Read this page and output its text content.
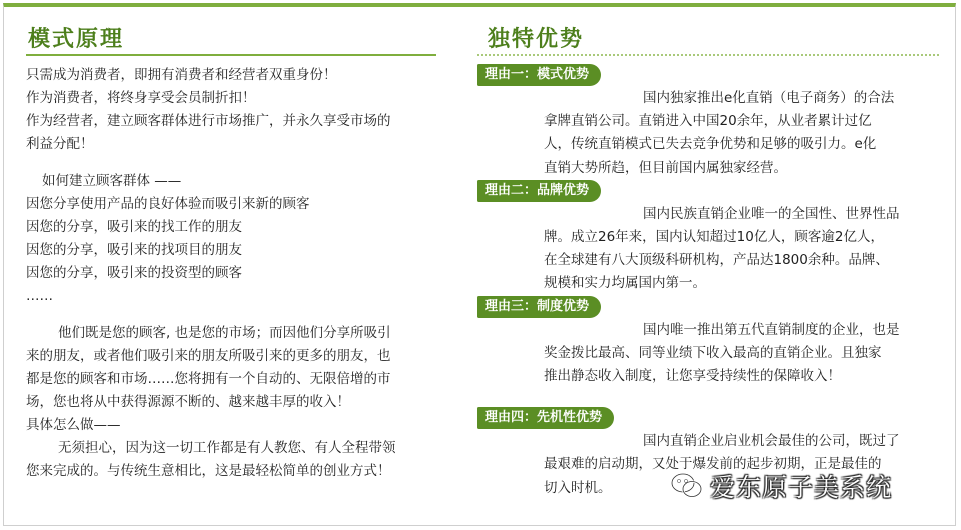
模式原理
只需成为消费者，即拥有消费者和经营者双重身份！
作为消费者，将终身享受会员制折扣！
作为经营者，建立顾客群体进行市场推广，并永久享受市场的
利益分配！
如何建立顾客群体 ——
因您分享使用产品的良好体验而吸引来新的顾客
因您的分享，吸引来的找工作的朋友
因您的分享，吸引来的找项目的朋友
因您的分享，吸引来的投资型的顾客
……
他们既是您的顾客, 也是您的市场；而因他们分享所吸引
来的朋友，或者他们吸引来的朋友所吸引来的更多的朋友，也
都是您的顾客和市场……您将拥有一个自动的、无限倍增的市
场，您也将从中获得源源不断的、越来越丰厚的收入！
具体怎么做——
无须担心，因为这一切工作都是有人教您、有人全程带领
您来完成的。与传统生意相比，这是最轻松简单的创业方式！
独特优势
理由一：模式优势
国内独家推出e化直销（电子商务）的合法
拿牌直销公司。直销进入中国20余年，从业者累计过亿
人，传统直销模式已失去竞争优势和足够的吸引力。e化
直销大势所趋，但目前国内属独家经营。
理由二：品牌优势
国内民族直销企业唯一的全国性、世界性品
牌。成立26年来，国内认知超过10亿人，顾客逾2亿人，
在全球建有八大顶级科研机构，产品达1800余种。品牌、
规模和实力均属国内第一。
理由三：制度优势
国内唯一推出第五代直销制度的企业，也是
奖金拨比最高、同等业绩下收入最高的直销企业。且独家
推出静态收入制度，让您享受持续性的保障收入！
理由四：先机性优势
国内直销企业启业机会最佳的公司，既过了
最艰难的启动期，又处于爆发前的起步初期，正是最佳的
切入时机。	爱东原子美系统
